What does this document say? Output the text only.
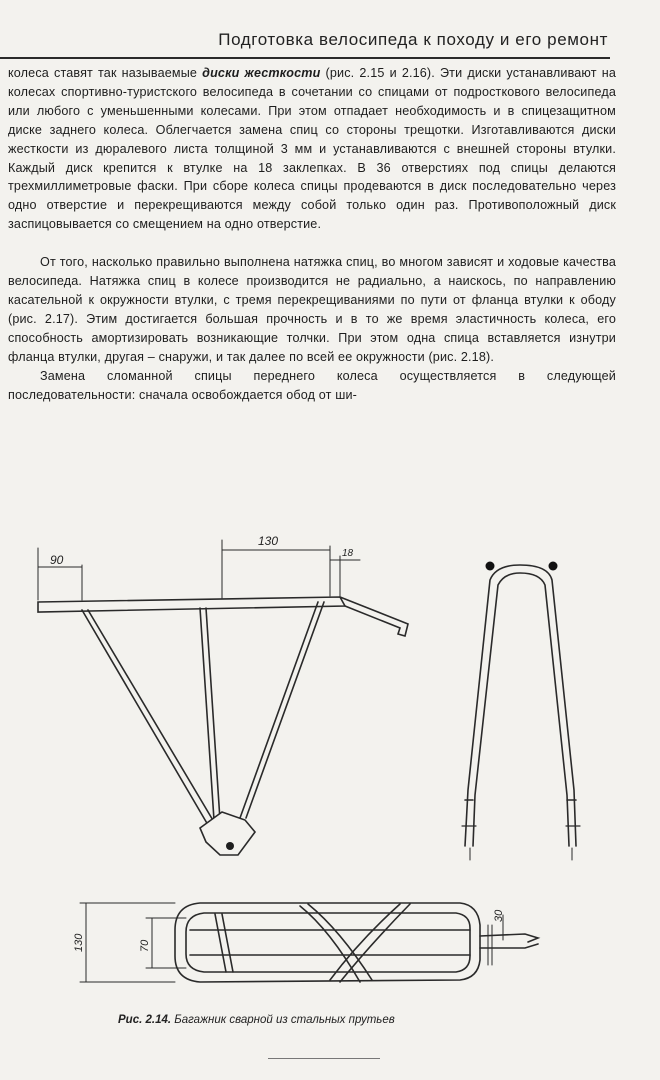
Подготовка велосипеда к походу и его ремонт

колеса ставят так называемые диски жесткости (рис. 2.15 и 2.16). Эти диски устанавливают на колесах спортивно-туристского велосипеда в сочетании со спицами от подросткового велосипеда или любого с уменьшенными колесами. При этом отпадает необходимость и в спицезащитном диске заднего колеса. Облегчается замена спиц со стороны трещотки. Изготавливаются диски жесткости из дюралевого листа толщиной 3 мм и устанавливаются с внешней стороны втулки. Каждый диск крепится к втулке на 18 заклепках. В 36 отверстиях под спицы делаются трехмиллиметровые фаски. При сборе колеса спицы продеваются в диск последовательно через одно отверстие и перекрещиваются между собой только один раз. Противоположный диск заспицовывается со смещением на одно отверстие.

От того, насколько правильно выполнена натяжка спиц, во многом зависят и ходовые качества велосипеда. Натяжка спиц в колесе производится не радиально, а наискось, по направлению касательной к окружности втулки, с тремя перекрещиваниями по пути от фланца втулки к ободу (рис. 2.17). Этим достигается большая прочность и в то же время эластичность колеса, его способность амортизировать возникающие толчки. При этом одна спица вставляется изнутри фланца втулки, другая – снаружи, и так далее по всей ее окружности (рис. 2.18).

Замена сломанной спицы переднего колеса осуществляется в следующей последовательности: сначала освобождается обод от ши-

90
130
18
30
70
130
Рис. 2.14. Багажник сварной из стальных прутьев
